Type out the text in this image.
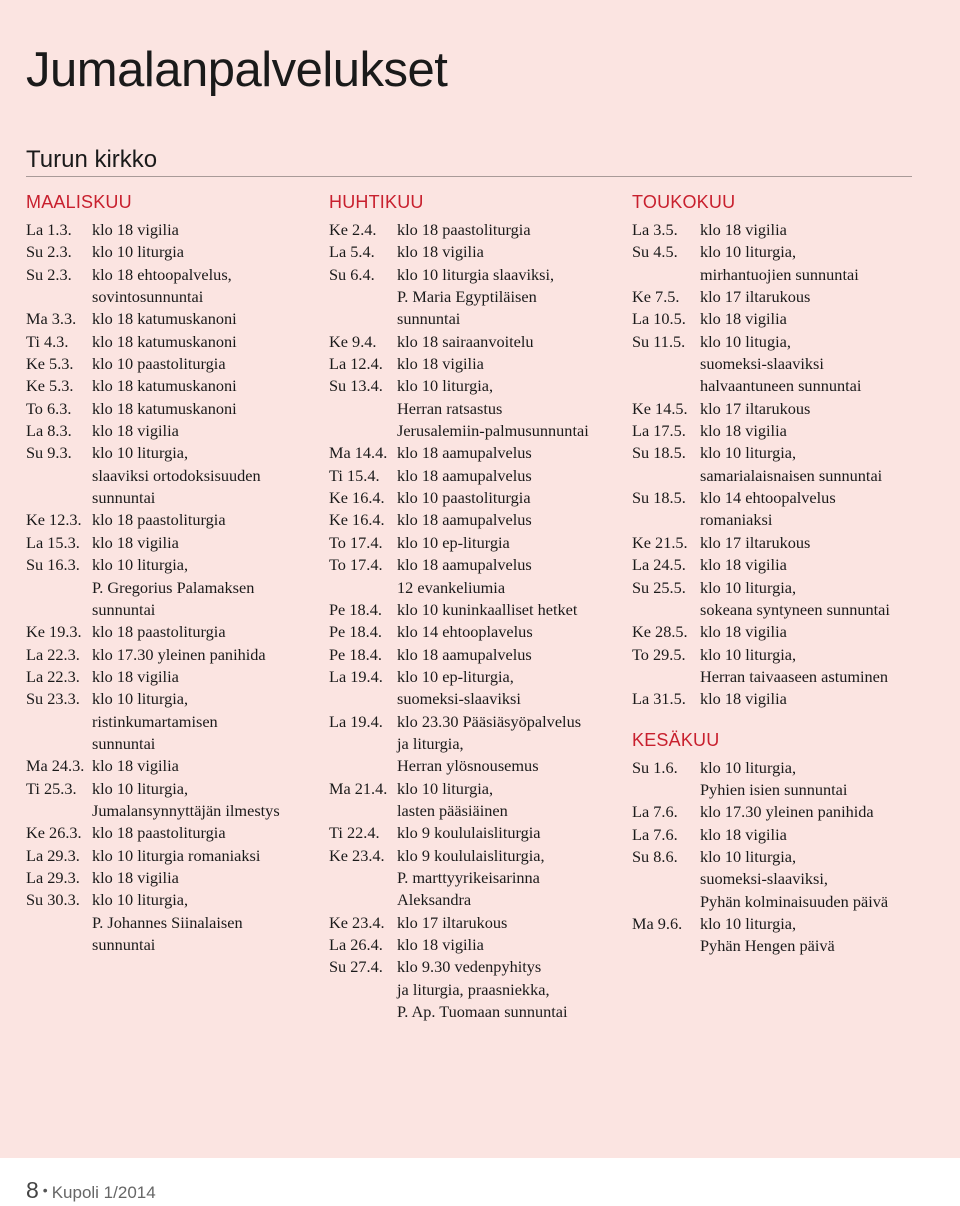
Jumalanpalvelukset
Turun kirkko
MAALISKUU
La 1.3.	klo 18 vigilia
Su 2.3.	klo 10 liturgia
Su 2.3.	klo 18 ehtoopalvelus,
sovintosunnuntai
Ma 3.3. klo 18 katumuskanoni
Ti 4.3.	klo 18 katumuskanoni
Ke 5.3.	klo 10 paastoliturgia
Ke 5.3.	klo 18 katumuskanoni
To 6.3.	klo 18 katumuskanoni
La 8.3.	klo 18 vigilia
Su 9.3.	klo 10 liturgia,
slaaviksi ortodoksisuuden
sunnuntai
Ke 12.3. klo 18 paastoliturgia
La 15.3. klo 18 vigilia
Su 16.3. klo 10 liturgia,
P. Gregorius Palamaksen
sunnuntai
Ke 19.3. klo 18 paastoliturgia
La 22.3. klo 17.30 yleinen panihida
La 22.3. klo 18 vigilia
Su 23.3. klo 10 liturgia,
ristinkumartamisen
sunnuntai
Ma 24.3. klo 18 vigilia
Ti 25.3. klo 10 liturgia,
Jumalansynnyttäjän ilmestys
Ke 26.3. klo 18 paastoliturgia
La 29.3. klo 10 liturgia romaniaksi
La 29.3. klo 18 vigilia
Su 30.3. klo 10 liturgia,
P. Johannes Siinalaisen
sunnuntai
HUHTIKUU
Ke 2.4.	klo 18 paastoliturgia
La 5.4.	klo 18 vigilia
Su 6.4.	klo 10 liturgia slaaviksi,
P. Maria Egyptiläisen
sunnuntai
Ke 9.4.	klo 18 sairaanvoitelu
La 12.4. klo 18 vigilia
Su 13.4. klo 10 liturgia,
Herran ratsastus
Jerusalemiin-palmusunnuntai
Ma 14.4. klo 18 aamupalvelus
Ti 15.4.	klo 18 aamupalvelus
Ke 16.4. klo 10 paastoliturgia
Ke 16.4. klo 18 aamupalvelus
To 17.4. klo 10 ep-liturgia
To 17.4. klo 18 aamupalvelus
12 evankeliumia
Pe 18.4. klo 10 kuninkaalliset hetket
Pe 18.4. klo 14 ehtooplavelus
Pe 18.4. klo 18 aamupalvelus
La 19.4. klo 10 ep-liturgia,
suomeksi-slaaviksi
La 19.4. klo 23.30 Pääsiäsyöpalvelus
ja liturgia,
Herran ylösnousemus
Ma 21.4. klo 10 liturgia,
lasten pääsiäinen
Ti 22.4.	klo 9 koululaisliturgia
Ke 23.4. klo 9 koululaisliturgia,
P. marttyyrikeisarinna
Aleksandra
Ke 23.4. klo 17 iltarukous
La 26.4. klo 18 vigilia
Su 27.4. klo 9.30 vedenpyhitys
ja liturgia, praasniekka,
P. Ap. Tuomaan sunnuntai
TOUKOKUU
La 3.5.	klo 18 vigilia
Su 4.5.	klo 10 liturgia,
mirhantuojien sunnuntai
Ke 7.5.	klo 17 iltarukous
La 10.5. klo 18 vigilia
Su 11.5. klo 10 litugia,
suomeksi-slaaviksi
halvaantuneen sunnuntai
Ke 14.5. klo 17 iltarukous
La 17.5. klo 18 vigilia
Su 18.5. klo 10 liturgia,
samarialaisnaisen sunnuntai
Su 18.5. klo 14 ehtoopalvelus
romaniaksi
Ke 21.5. klo 17 iltarukous
La 24.5. klo 18 vigilia
Su 25.5. klo 10 liturgia,
sokeana syntyneen sunnuntai
Ke 28.5. klo 18 vigilia
To 29.5. klo 10 liturgia,
Herran taivaaseen astuminen
La 31.5. klo 18 vigilia
KESÄKUU
Su 1.6.	klo 10 liturgia,
Pyhien isien sunnuntai
La 7.6.	klo 17.30 yleinen panihida
La 7.6.	klo 18 vigilia
Su 8.6.	klo 10 liturgia,
suomeksi-slaaviksi,
Pyhän kolminaisuuden päivä
Ma 9.6.	klo 10 liturgia,
Pyhän Hengen päivä
8 • Kupoli 1/2014
